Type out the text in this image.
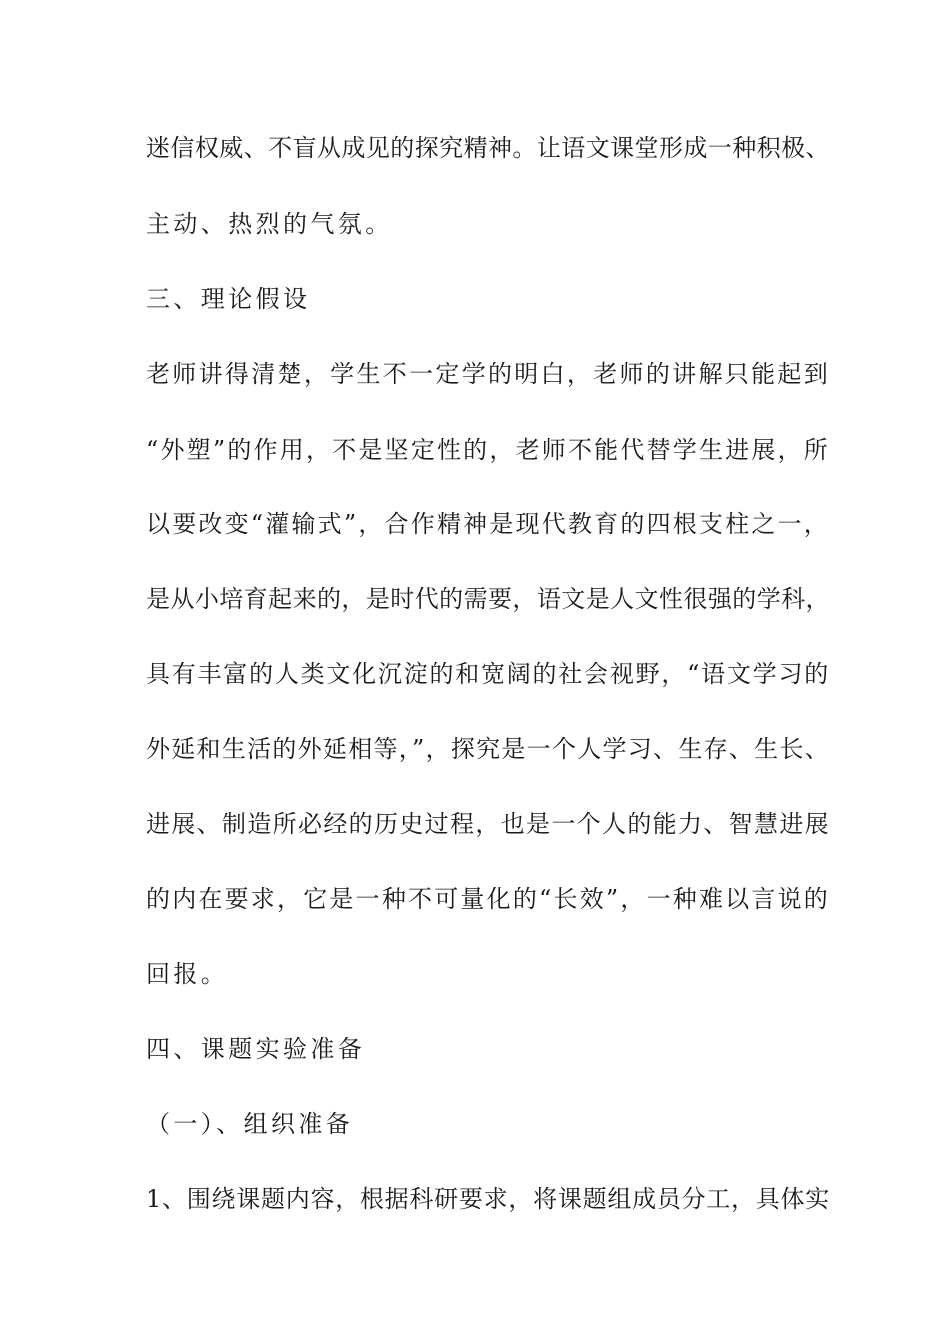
迷信权威、不盲从成见的探究精神。让语文课堂形成一种积极、
主动、热烈的气氛。
三、理论假设
老师讲得清楚，学生不一定学的明白，老师的讲解只能起到
“外塑”的作用，不是坚定性的，老师不能代替学生进展，所
以要改变“灌输式”，合作精神是现代教育的四根支柱之一，
是从小培育起来的，是时代的需要，语文是人文性很强的学科，
具有丰富的人类文化沉淀的和宽阔的社会视野，“语文学习的
外延和生活的外延相等，”，探究是一个人学习、生存、生长、
进展、制造所必经的历史过程，也是一个人的能力、智慧进展
的内在要求，它是一种不可量化的“长效”，一种难以言说的
回报。
四、课题实验准备
（一）、组织准备
1、围绕课题内容，根据科研要求，将课题组成员分工，具体实
